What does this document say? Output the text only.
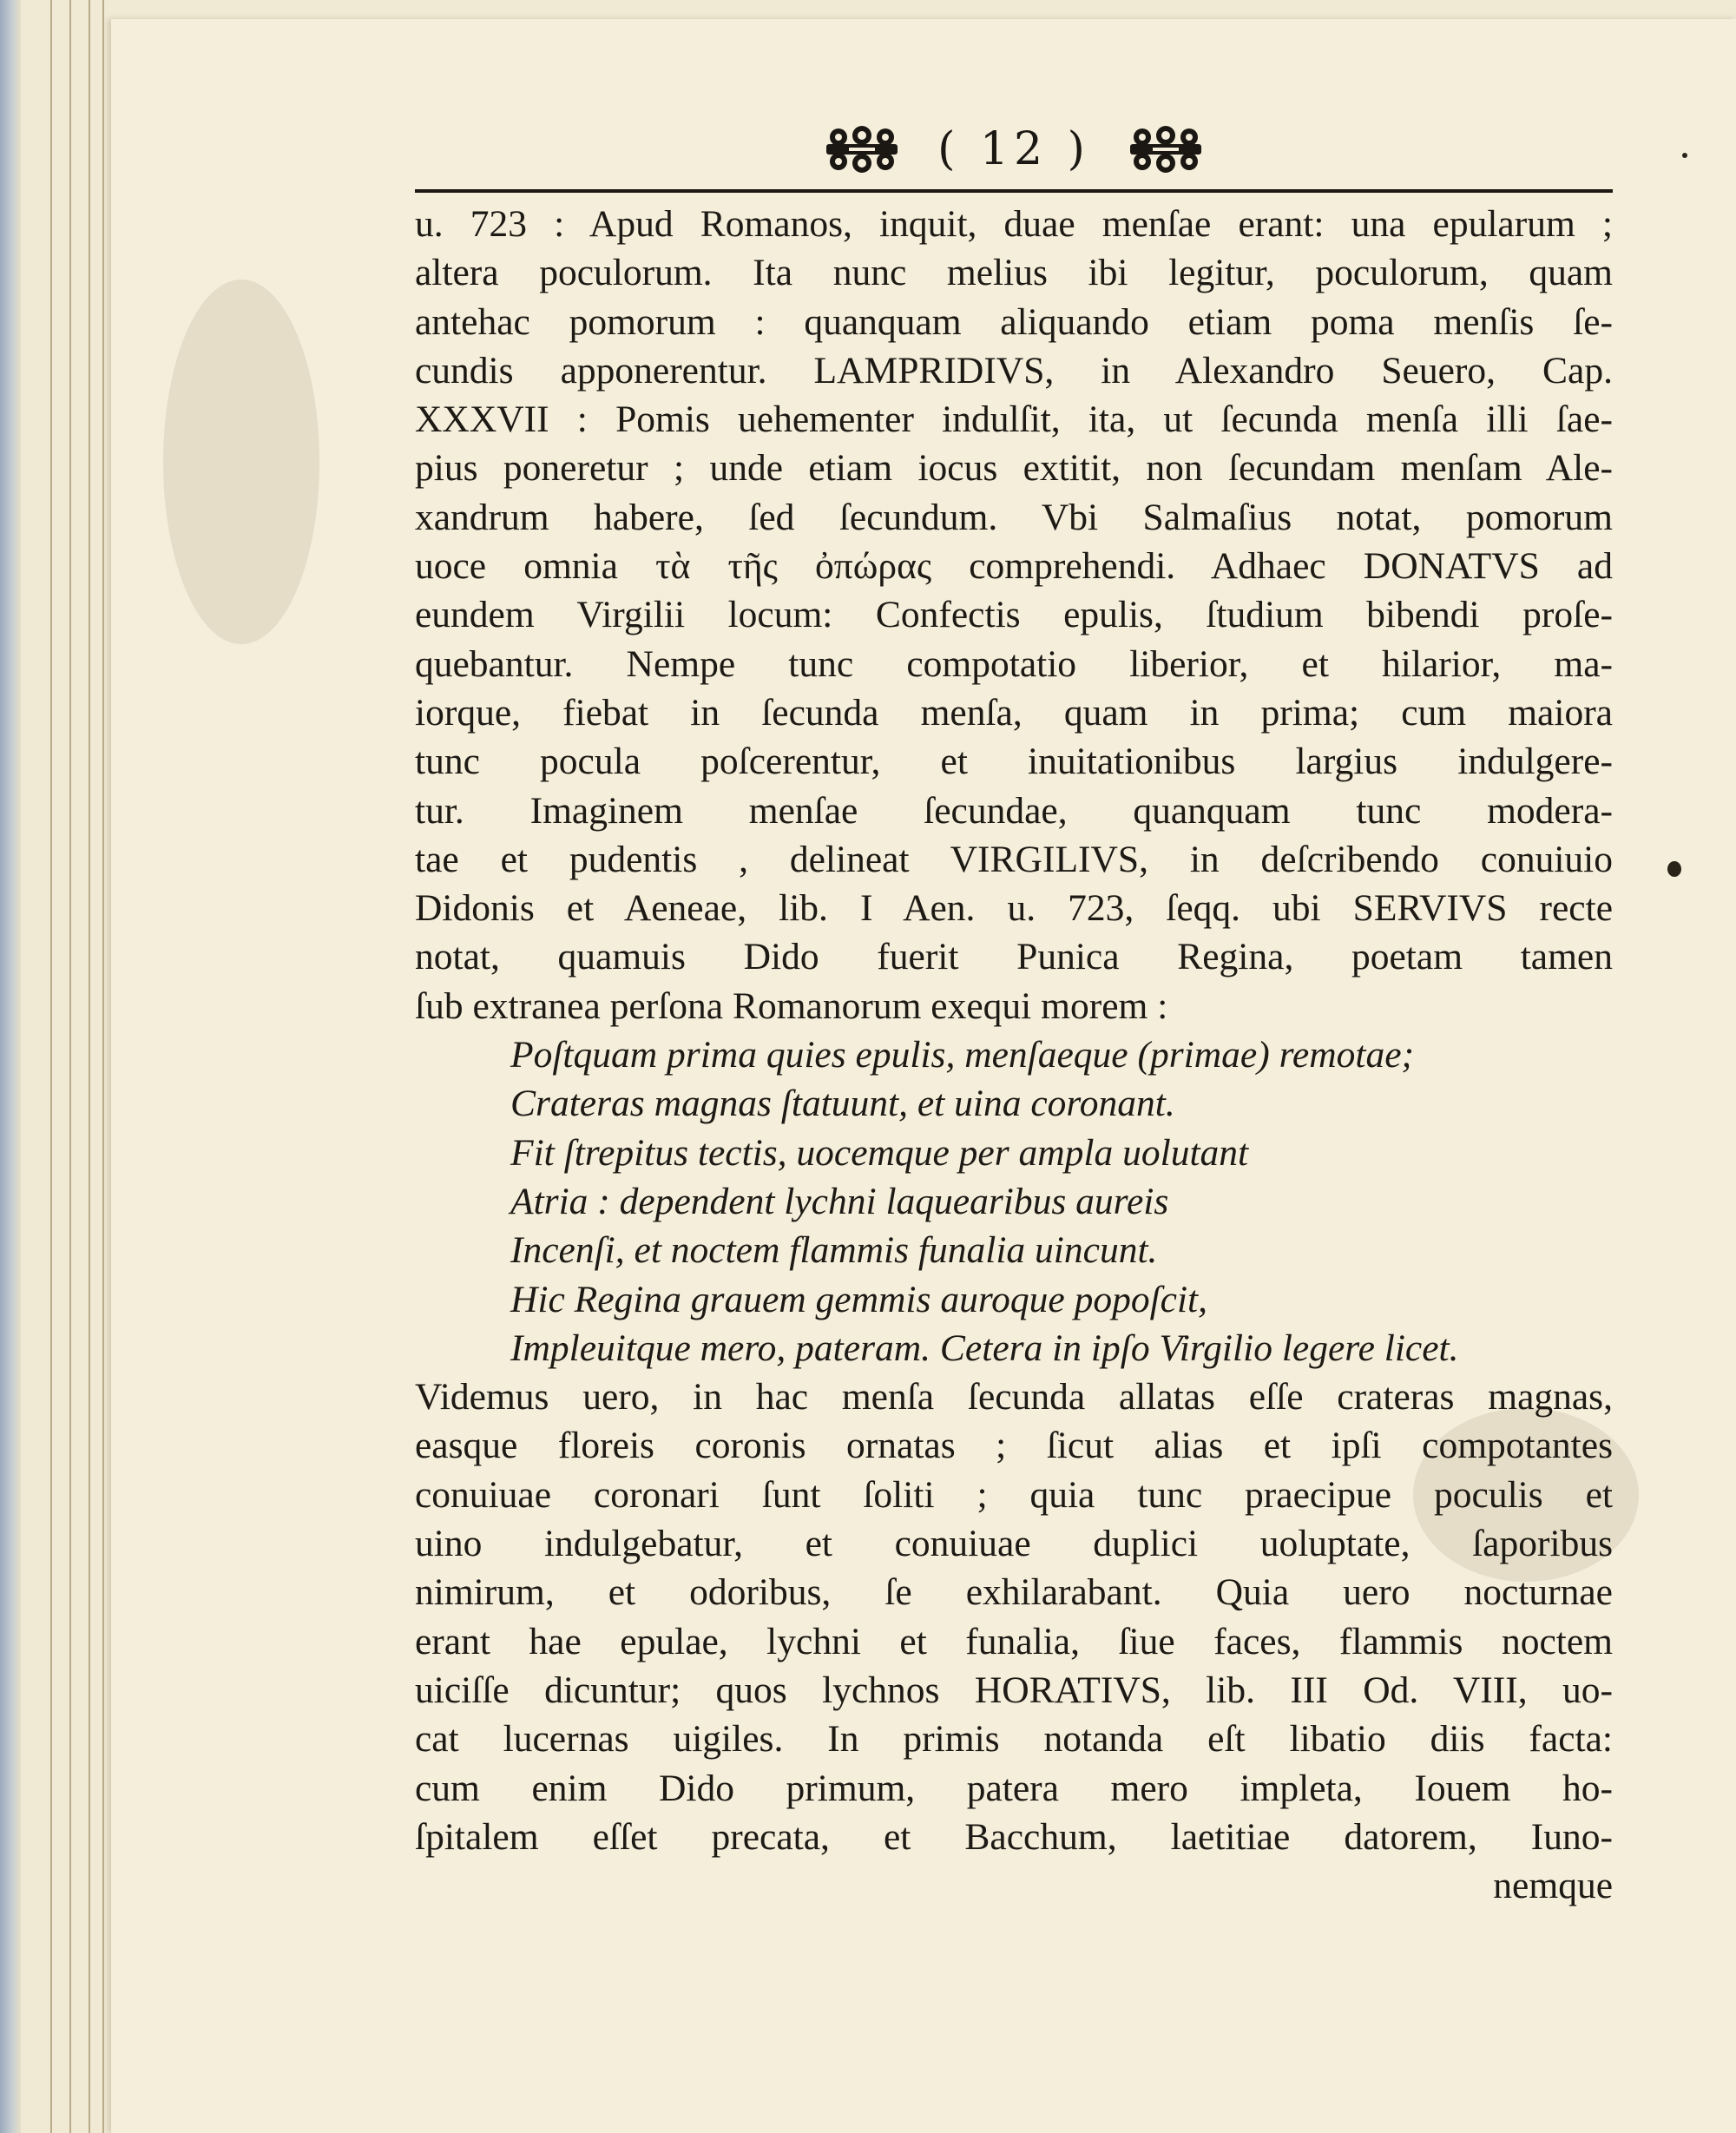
( 12 )
u. 723 : Apud Romanos, inquit, duae menſae erant: una epularum ;
altera poculorum. Ita nunc melius ibi legitur, poculorum, quam
antehac pomorum : quanquam aliquando etiam poma menſis ſe-
cundis apponerentur. LAMPRIDIVS, in Alexandro Seuero, Cap.
XXXVII : Pomis uehementer indulſit, ita, ut ſecunda menſa illi ſae-
pius poneretur ; unde etiam iocus extitit, non ſecundam menſam Ale-
xandrum habere, ſed ſecundum. Vbi Salmaſius notat, pomorum
uoce omnia τὰ τῆς ὀπώρας comprehendi. Adhaec DONATVS ad
eundem Virgilii locum: Confectis epulis, ſtudium bibendi proſe-
quebantur. Nempe tunc compotatio liberior, et hilarior, ma-
iorque, fiebat in ſecunda menſa, quam in prima; cum maiora
tunc pocula poſcerentur, et inuitationibus largius indulgere-
tur. Imaginem menſae ſecundae, quanquam tunc modera-
tae et pudentis , delineat VIRGILIVS, in deſcribendo conuiuio
Didonis et Aeneae, lib. I Aen. u. 723, ſeqq. ubi SERVIVS recte
notat, quamuis Dido fuerit Punica Regina, poetam tamen
ſub extranea perſona Romanorum exequi morem :
Poſtquam prima quies epulis, menſaeque (primae) remotae;
Crateras magnas ſtatuunt, et uina coronant.
Fit ſtrepitus tectis, uocemque per ampla uolutant
Atria : dependent lychni laquearibus aureis
Incenſi, et noctem flammis funalia uincunt.
Hic Regina grauem gemmis auroque popoſcit,
Impleuitque mero, pateram. Cetera in ipſo Virgilio legere licet.
Videmus uero, in hac menſa ſecunda allatas eſſe crateras magnas,
easque floreis coronis ornatas ; ſicut alias et ipſi compotantes
conuiuae coronari ſunt ſoliti ; quia tunc praecipue poculis et
uino indulgebatur, et conuiuae duplici uoluptate, ſaporibus
nimirum, et odoribus, ſe exhilarabant. Quia uero nocturnae
erant hae epulae, lychni et funalia, ſiue faces, flammis noctem
uiciſſe dicuntur; quos lychnos HORATIVS, lib. III Od. VIII, uo-
cat lucernas uigiles. In primis notanda eſt libatio diis facta:
cum enim Dido primum, patera mero impleta, Iouem ho-
ſpitalem eſſet precata, et Bacchum, laetitiae datorem, Iuno-
nemque
